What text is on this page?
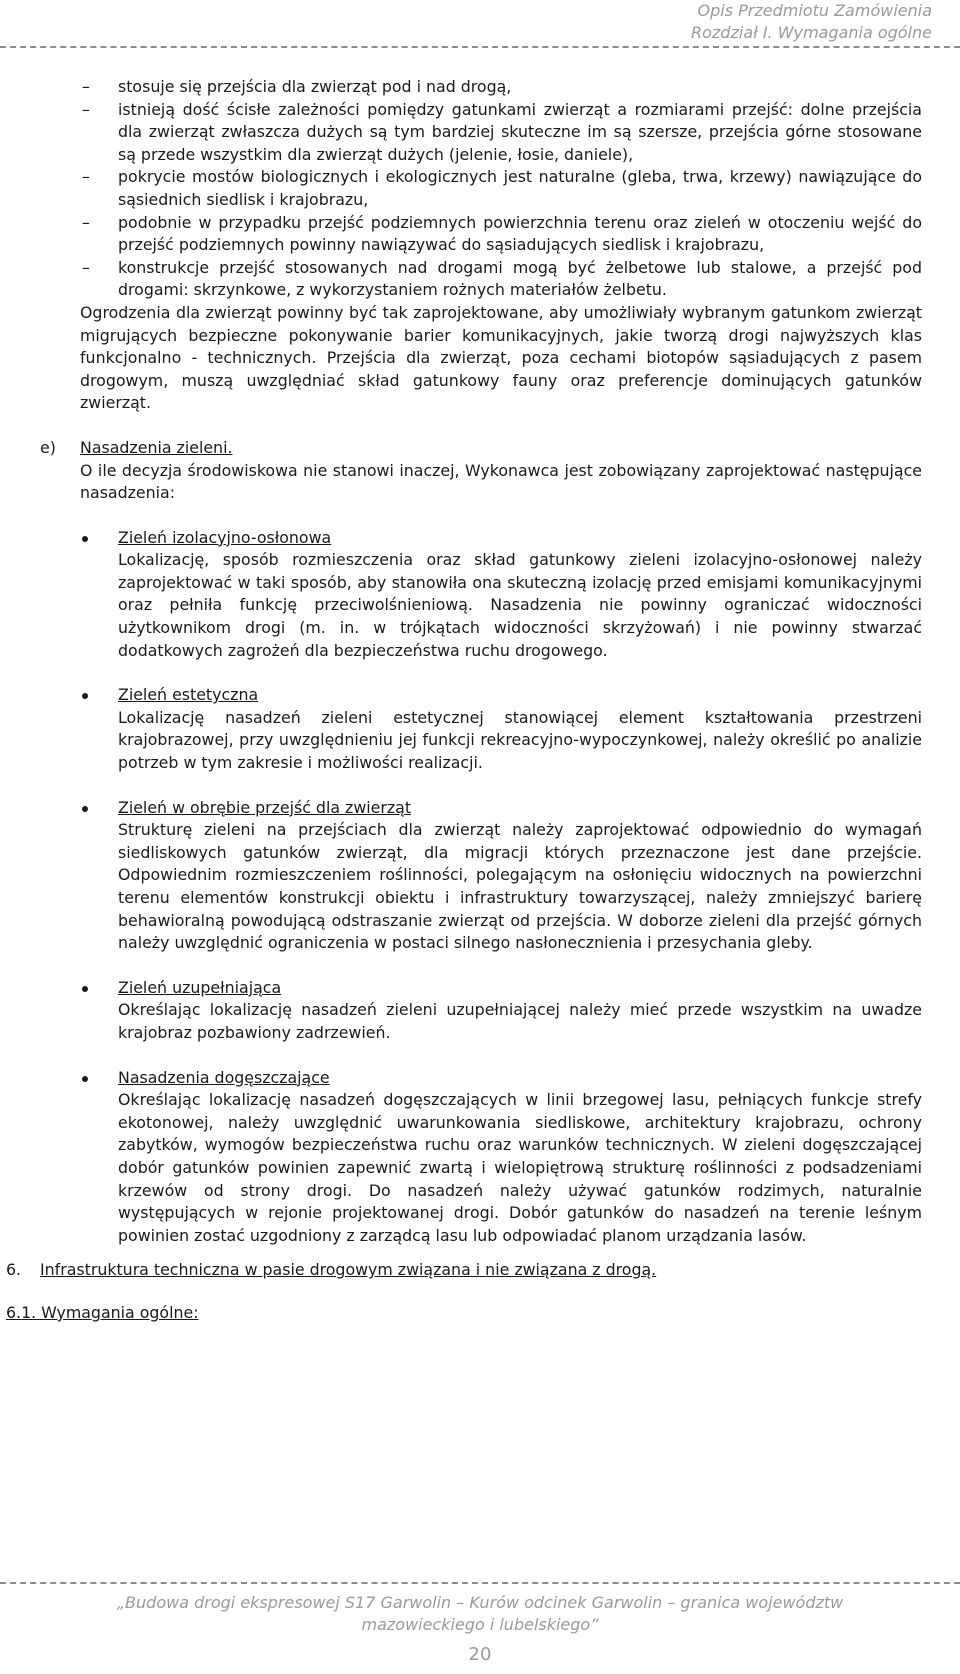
Opis Przedmiotu Zamówienia
Rozdział I. Wymagania ogólne
– stosuje się przejścia dla zwierząt pod i nad drogą,
– istnieją dość ścisłe zależności pomiędzy gatunkami zwierząt a rozmiarami przejść: dolne przejścia dla zwierząt zwłaszcza dużych są tym bardziej skuteczne im są szersze, przejścia górne stosowane są przede wszystkim dla zwierząt dużych (jelenie, łosie, daniele),
– pokrycie mostów biologicznych i ekologicznych jest naturalne (gleba, trwa, krzewy) nawiązujące do sąsiednich siedlisk i krajobrazu,
– podobnie w przypadku przejść podziemnych powierzchnia terenu oraz zieleń w otoczeniu wejść do przejść podziemnych powinny nawiązywać do sąsiadujących siedlisk i krajobrazu,
– konstrukcje przejść stosowanych nad drogami mogą być żelbetowe lub stalowe, a przejść pod drogami: skrzynkowe, z wykorzystaniem rożnych materiałów żelbetu.

Ogrodzenia dla zwierząt powinny być tak zaprojektowane, aby umożliwiały wybranym gatunkom zwierząt migrujących bezpieczne pokonywanie barier komunikacyjnych, jakie tworzą drogi najwyższych klas funkcjonalno - technicznych. Przejścia dla zwierząt, poza cechami biotopów sąsiadujących z pasem drogowym, muszą uwzględniać skład gatunkowy fauny oraz preferencje dominujących gatunków zwierząt.

e) Nasadzenia zieleni.

O ile decyzja środowiskowa nie stanowi inaczej, Wykonawca jest zobowiązany zaprojektować następujące nasadzenia:

Zieleń izolacyjno-osłonowa

Lokalizację, sposób rozmieszczenia oraz skład gatunkowy zieleni izolacyjno-osłonowej należy zaprojektować w taki sposób, aby stanowiła ona skuteczną izolację przed emisjami komunikacyjnymi oraz pełniła funkcję przeciwolśnieniową. Nasadzenia nie powinny ograniczać widoczności użytkownikom drogi (m. in. w trójkątach widoczności skrzyżowań) i nie powinny stwarzać dodatkowych zagrożeń dla bezpieczeństwa ruchu drogowego.

Zieleń estetyczna

Lokalizację nasadzeń zieleni estetycznej stanowiącej element kształtowania przestrzeni krajobrazowej, przy uwzględnieniu jej funkcji rekreacyjno-wypoczynkowej, należy określić po analizie potrzeb w tym zakresie i możliwości realizacji.

Zieleń w obrębie przejść dla zwierząt

Strukturę zieleni na przejściach dla zwierząt należy zaprojektować odpowiednio do wymagań siedliskowych gatunków zwierząt, dla migracji których przeznaczone jest dane przejście. Odpowiednim rozmieszczeniem roślinności, polegającym na osłonięciu widocznych na powierzchni terenu elementów konstrukcji obiektu i infrastruktury towarzyszącej, należy zmniejszyć barierę behawioralną powodującą odstraszanie zwierząt od przejścia. W doborze zieleni dla przejść górnych należy uwzględnić ograniczenia w postaci silnego nasłonecznienia i przesychania gleby.

Zieleń uzupełniająca

Określając lokalizację nasadzeń zieleni uzupełniającej należy mieć przede wszystkim na uwadze krajobraz pozbawiony zadrzewień.

Nasadzenia dogęszczające

Określając lokalizację nasadzeń dogęszczających w linii brzegowej lasu, pełniących funkcje strefy ekotonowej, należy uwzględnić uwarunkowania siedliskowe, architektury krajobrazu, ochrony zabytków, wymogów bezpieczeństwa ruchu oraz warunków technicznych. W zieleni dogęszczającej dobór gatunków powinien zapewnić zwartą i wielopiętrową strukturę roślinności z podsadzeniami krzewów od strony drogi. Do nasadzeń należy używać gatunków rodzimych, naturalnie występujących w rejonie projektowanej drogi. Dobór gatunków do nasadzeń na terenie leśnym powinien zostać uzgodniony z zarządcą lasu lub odpowiadać planom urządzania lasów.

6. Infrastruktura techniczna w pasie drogowym związana i nie związana z drogą.
6.1. Wymagania ogólne:
„Budowa drogi ekspresowej S17 Garwolin – Kurów odcinek Garwolin – granica województw
mazowieckiego i lubelskiego”
20
